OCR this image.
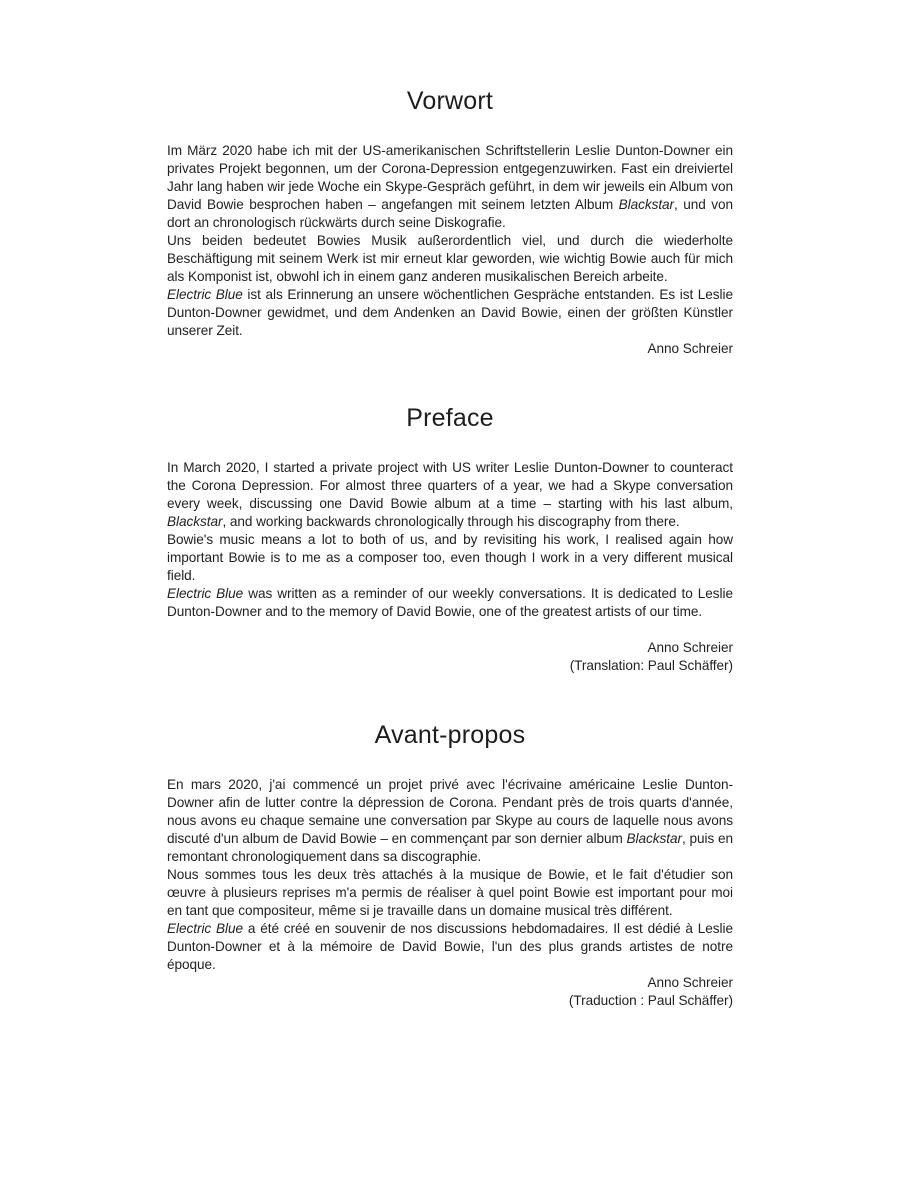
Vorwort

Im März 2020 habe ich mit der US-amerikanischen Schriftstellerin Leslie Dunton-Downer ein privates Projekt begonnen, um der Corona-Depression entgegenzuwirken. Fast ein dreiviertel Jahr lang haben wir jede Woche ein Skype-Gespräch geführt, in dem wir jeweils ein Album von David Bowie besprochen haben – angefangen mit seinem letzten Album Blackstar, und von dort an chronologisch rückwärts durch seine Diskografie.

Uns beiden bedeutet Bowies Musik außerordentlich viel, und durch die wiederholte Beschäftigung mit seinem Werk ist mir erneut klar geworden, wie wichtig Bowie auch für mich als Komponist ist, obwohl ich in einem ganz anderen musikalischen Bereich arbeite.

Electric Blue ist als Erinnerung an unsere wöchentlichen Gespräche entstanden. Es ist Leslie Dunton-Downer gewidmet, und dem Andenken an David Bowie, einen der größten Künstler unserer Zeit.

Anno Schreier
Preface

In March 2020, I started a private project with US writer Leslie Dunton-Downer to counteract the Corona Depression. For almost three quarters of a year, we had a Skype conversation every week, discussing one David Bowie album at a time – starting with his last album, Blackstar, and working backwards chronologically through his discography from there.

Bowie's music means a lot to both of us, and by revisiting his work, I realised again how important Bowie is to me as a composer too, even though I work in a very different musical field.

Electric Blue was written as a reminder of our weekly conversations. It is dedicated to Leslie Dunton-Downer and to the memory of David Bowie, one of the greatest artists of our time.

Anno Schreier
(Translation: Paul Schäffer)
Avant-propos

En mars 2020, j'ai commencé un projet privé avec l'écrivaine américaine Leslie Dunton-Downer afin de lutter contre la dépression de Corona. Pendant près de trois quarts d'année, nous avons eu chaque semaine une conversation par Skype au cours de laquelle nous avons discuté d'un album de David Bowie – en commençant par son dernier album Blackstar, puis en remontant chronologiquement dans sa discographie.

Nous sommes tous les deux très attachés à la musique de Bowie, et le fait d'étudier son œuvre à plusieurs reprises m'a permis de réaliser à quel point Bowie est important pour moi en tant que compositeur, même si je travaille dans un domaine musical très différent.

Electric Blue a été créé en souvenir de nos discussions hebdomadaires. Il est dédié à Leslie Dunton-Downer et à la mémoire de David Bowie, l'un des plus grands artistes de notre époque.

Anno Schreier
(Traduction : Paul Schäffer)
